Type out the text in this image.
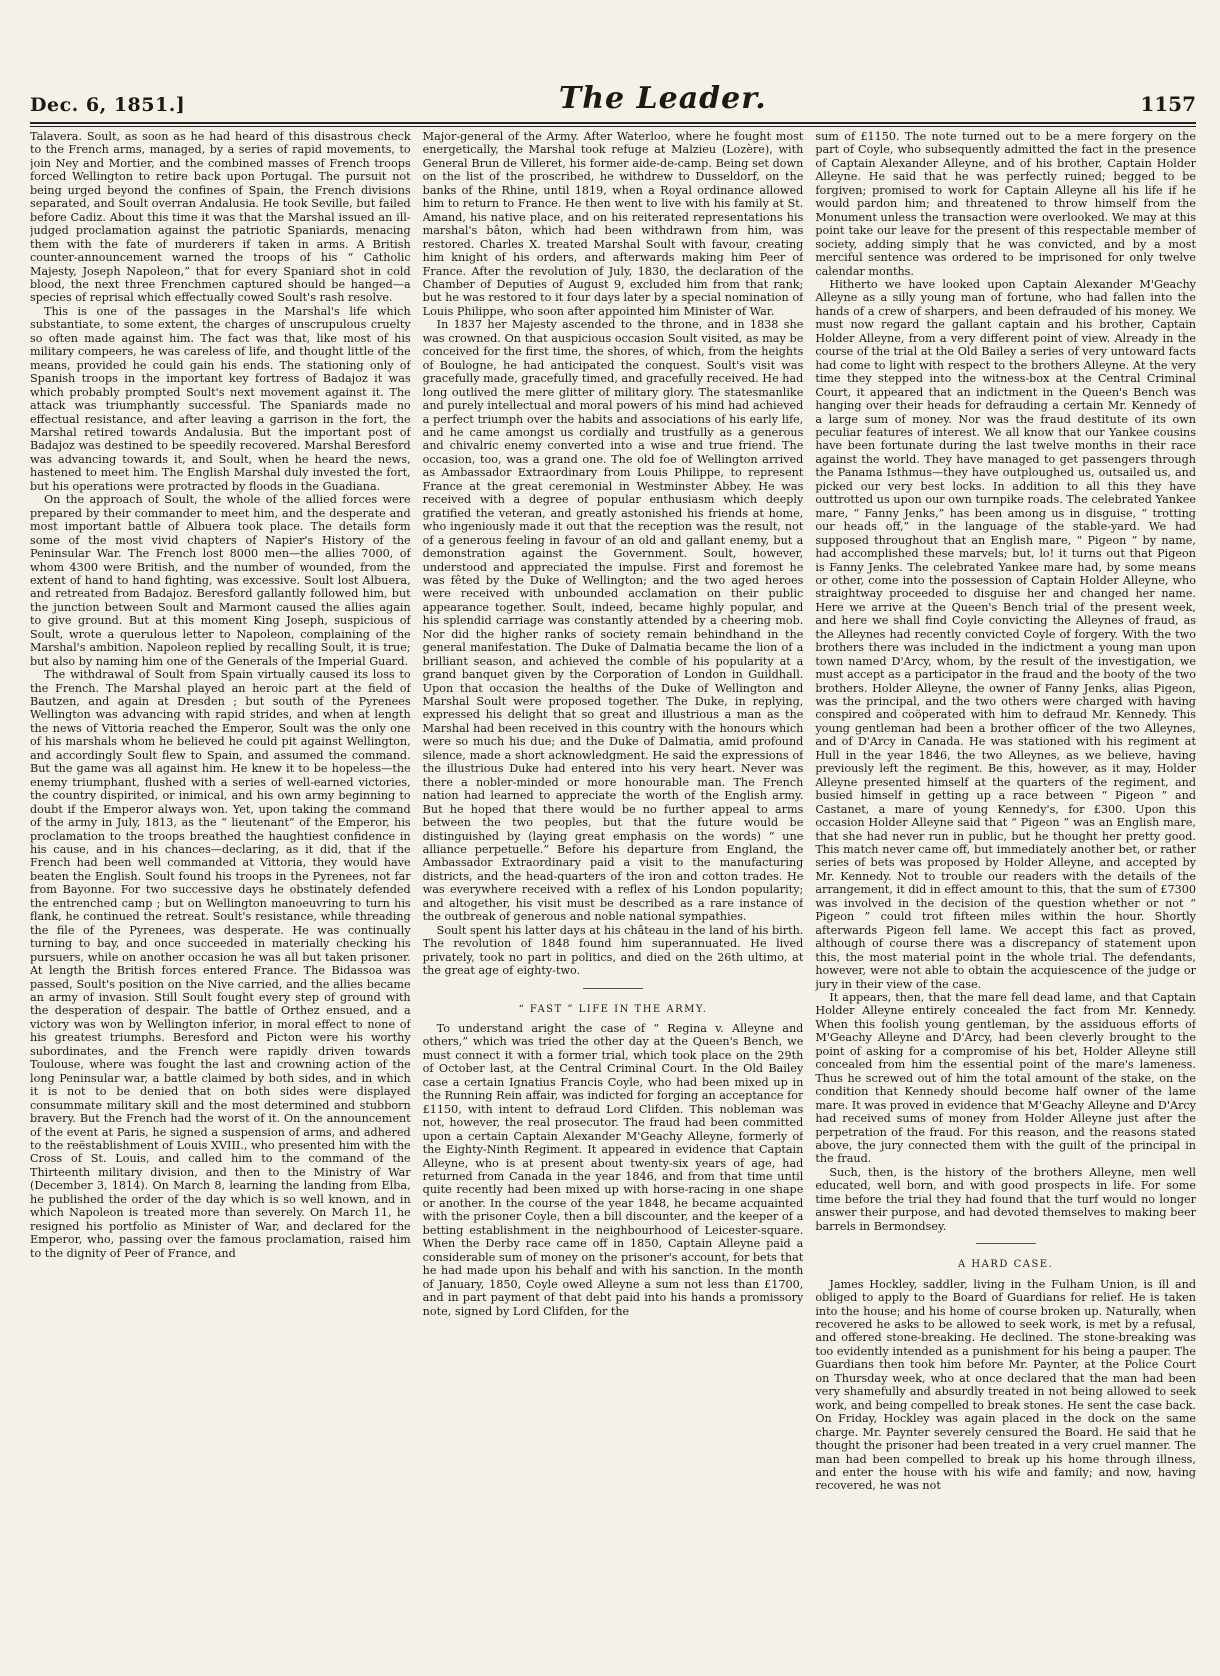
Dec. 6, 1851.]	The Leader.	1157

Talavera. Soult, as soon as he had heard of this disastrous check to the French arms, managed, by a series of rapid movements, to join Ney and Mortier, and the combined masses of French troops forced Wellington to retire back upon Portugal. The pursuit not being urged beyond the confines of Spain, the French divisions separated, and Soult overran Andalusia. He took Seville, but failed before Cadiz. About this time it was that the Marshal issued an ill-judged proclamation against the patriotic Spaniards, menacing them with the fate of murderers if taken in arms. A British counter-announcement warned the troops of his “ Catholic Majesty, Joseph Napoleon,” that for every Spaniard shot in cold blood, the next three Frenchmen captured should be hanged—a species of reprisal which effectually cowed Soult's rash resolve.

This is one of the passages in the Marshal's life which substantiate, to some extent, the charges of unscrupulous cruelty so often made against him. The fact was that, like most of his military compeers, he was careless of life, and thought little of the means, provided he could gain his ends. The stationing only of Spanish troops in the important key fortress of Badajoz it was which probably prompted Soult's next movement against it. The attack was triumphantly successful. The Spaniards made no effectual resistance, and after leaving a garrison in the fort, the Marshal retired towards Andalusia. But the important post of Badajoz was destined to be speedily recovered. Marshal Beresford was advancing towards it, and Soult, when he heard the news, hastened to meet him. The English Marshal duly invested the fort, but his operations were protracted by floods in the Guadiana.

On the approach of Soult, the whole of the allied forces were prepared by their commander to meet him, and the desperate and most important battle of Albuera took place. The details form some of the most vivid chapters of Napier's History of the Peninsular War. The French lost 8000 men—the allies 7000, of whom 4300 were British, and the number of wounded, from the extent of hand to hand fighting, was excessive. Soult lost Albuera, and retreated from Badajoz. Beresford gallantly followed him, but the junction between Soult and Marmont caused the allies again to give ground. But at this moment King Joseph, suspicious of Soult, wrote a querulous letter to Napoleon, complaining of the Marshal's ambition. Napoleon replied by recalling Soult, it is true; but also by naming him one of the Generals of the Imperial Guard.

The withdrawal of Soult from Spain virtually caused its loss to the French. The Marshal played an heroic part at the field of Bautzen, and again at Dresden ; but south of the Pyrenees Wellington was advancing with rapid strides, and when at length the news of Vittoria reached the Emperor, Soult was the only one of his marshals whom he believed he could pit against Wellington, and accordingly Soult flew to Spain, and assumed the command. But the game was all against him. He knew it to be hopeless—the enemy triumphant, flushed with a series of well-earned victories, the country dispirited, or inimical, and his own army beginning to doubt if the Emperor always won. Yet, upon taking the command of the army in July, 1813, as the “ lieutenant” of the Emperor, his proclamation to the troops breathed the haughtiest confidence in his cause, and in his chances—declaring, as it did, that if the French had been well commanded at Vittoria, they would have beaten the English. Soult found his troops in the Pyrenees, not far from Bayonne. For two successive days he obstinately defended the entrenched camp ; but on Wellington manoeuvring to turn his flank, he continued the retreat. Soult's resistance, while threading the file of the Pyrenees, was desperate. He was continually turning to bay, and once succeeded in materially checking his pursuers, while on another occasion he was all but taken prisoner. At length the British forces entered France. The Bidassoa was passed, Soult's position on the Nive carried, and the allies became an army of invasion. Still Soult fought every step of ground with the desperation of despair. The battle of Orthez ensued, and a victory was won by Wellington inferior, in moral effect to none of his greatest triumphs. Beresford and Picton were his worthy subordinates, and the French were rapidly driven towards Toulouse, where was fought the last and crowning action of the long Peninsular war, a battle claimed by both sides, and in which it is not to be denied that on both sides were displayed consummate military skill and the most determined and stubborn bravery. But the French had the worst of it. On the announcement of the event at Paris, he signed a suspension of arms, and adhered to the reëstablishment of Louis XVIII., who presented him with the Cross of St. Louis, and called him to the command of the Thirteenth military division, and then to the Ministry of War (December 3, 1814). On March 8, learning the landing from Elba, he published the order of the day which is so well known, and in which Napoleon is treated more than severely. On March 11, he resigned his portfolio as Minister of War, and declared for the Emperor, who, passing over the famous proclamation, raised him to the dignity of Peer of France, and

Major-general of the Army. After Waterloo, where he fought most energetically, the Marshal took refuge at Malzieu (Lozère), with General Brun de Villeret, his former aide-de-camp. Being set down on the list of the proscribed, he withdrew to Dusseldorf, on the banks of the Rhine, until 1819, when a Royal ordinance allowed him to return to France. He then went to live with his family at St. Amand, his native place, and on his reiterated representations his marshal's bâton, which had been withdrawn from him, was restored. Charles X. treated Marshal Soult with favour, creating him knight of his orders, and afterwards making him Peer of France. After the revolution of July, 1830, the declaration of the Chamber of Deputies of August 9, excluded him from that rank; but he was restored to it four days later by a special nomination of Louis Philippe, who soon after appointed him Minister of War.

In 1837 her Majesty ascended to the throne, and in 1838 she was crowned. On that auspicious occasion Soult visited, as may be conceived for the first time, the shores, of which, from the heights of Boulogne, he had anticipated the conquest. Soult's visit was gracefully made, gracefully timed, and gracefully received. He had long outlived the mere glitter of military glory. The statesmanlike and purely intellectual and moral powers of his mind had achieved a perfect triumph over the habits and associations of his early life, and he came amongst us cordially and trustfully as a generous and chivalric enemy converted into a wise and true friend. The occasion, too, was a grand one. The old foe of Wellington arrived as Ambassador Extraordinary from Louis Philippe, to represent France at the great ceremonial in Westminster Abbey. He was received with a degree of popular enthusiasm which deeply gratified the veteran, and greatly astonished his friends at home, who ingeniously made it out that the reception was the result, not of a generous feeling in favour of an old and gallant enemy, but a demonstration against the Government. Soult, however, understood and appreciated the impulse. First and foremost he was fêted by the Duke of Wellington; and the two aged heroes were received with unbounded acclamation on their public appearance together. Soult, indeed, became highly popular, and his splendid carriage was constantly attended by a cheering mob. Nor did the higher ranks of society remain behindhand in the general manifestation. The Duke of Dalmatia became the lion of a brilliant season, and achieved the comble of his popularity at a grand banquet given by the Corporation of London in Guildhall. Upon that occasion the healths of the Duke of Wellington and Marshal Soult were proposed together. The Duke, in replying, expressed his delight that so great and illustrious a man as the Marshal had been received in this country with the honours which were so much his due; and the Duke of Dalmatia, amid profound silence, made a short acknowledgment. He said the expressions of the illustrious Duke had entered into his very heart. Never was there a nobler-minded or more honourable man. The French nation had learned to appreciate the worth of the English army. But he hoped that there would be no further appeal to arms between the two peoples, but that the future would be distinguished by (laying great emphasis on the words) “ une alliance perpetuelle.” Before his departure from England, the Ambassador Extraordinary paid a visit to the manufacturing districts, and the head-quarters of the iron and cotton trades. He was everywhere received with a reflex of his London popularity; and altogether, his visit must be described as a rare instance of the outbreak of generous and noble national sympathies.

Soult spent his latter days at his château in the land of his birth. The revolution of 1848 found him superannuated. He lived privately, took no part in politics, and died on the 26th ultimo, at the great age of eighty-two.

“ FAST ” LIFE IN THE ARMY.

To understand aright the case of “ Regina v. Alleyne and others,” which was tried the other day at the Queen's Bench, we must connect it with a former trial, which took place on the 29th of October last, at the Central Criminal Court. In the Old Bailey case a certain Ignatius Francis Coyle, who had been mixed up in the Running Rein affair, was indicted for forging an acceptance for £1150, with intent to defraud Lord Clifden. This nobleman was not, however, the real prosecutor. The fraud had been committed upon a certain Captain Alexander M'Geachy Alleyne, formerly of the Eighty-Ninth Regiment. It appeared in evidence that Captain Alleyne, who is at present about twenty-six years of age, had returned from Canada in the year 1846, and from that time until quite recently had been mixed up with horse-racing in one shape or another. In the course of the year 1848, he became acquainted with the prisoner Coyle, then a bill discounter, and the keeper of a betting establishment in the neighbourhood of Leicester-square. When the Derby race came off in 1850, Captain Alleyne paid a considerable sum of money on the prisoner's account, for bets that he had made upon his behalf and with his sanction. In the month of January, 1850, Coyle owed Alleyne a sum not less than £1700, and in part payment of that debt paid into his hands a promissory note, signed by Lord Clifden, for the

sum of £1150. The note turned out to be a mere forgery on the part of Coyle, who subsequently admitted the fact in the presence of Captain Alexander Alleyne, and of his brother, Captain Holder Alleyne. He said that he was perfectly ruined; begged to be forgiven; promised to work for Captain Alleyne all his life if he would pardon him; and threatened to throw himself from the Monument unless the transaction were overlooked. We may at this point take our leave for the present of this respectable member of society, adding simply that he was convicted, and by a most merciful sentence was ordered to be imprisoned for only twelve calendar months.

Hitherto we have looked upon Captain Alexander M'Geachy Alleyne as a silly young man of fortune, who had fallen into the hands of a crew of sharpers, and been defrauded of his money. We must now regard the gallant captain and his brother, Captain Holder Alleyne, from a very different point of view. Already in the course of the trial at the Old Bailey a series of very untoward facts had come to light with respect to the brothers Alleyne. At the very time they stepped into the witness-box at the Central Criminal Court, it appeared that an indictment in the Queen's Bench was hanging over their heads for defrauding a certain Mr. Kennedy of a large sum of money. Nor was the fraud destitute of its own peculiar features of interest. We all know that our Yankee cousins have been fortunate during the last twelve months in their race against the world. They have managed to get passengers through the Panama Isthmus—they have outploughed us, outsailed us, and picked our very best locks. In addition to all this they have outtrotted us upon our own turnpike roads. The celebrated Yankee mare, “ Fanny Jenks,” has been among us in disguise, “ trotting our heads off,” in the language of the stable-yard. We had supposed throughout that an English mare, “ Pigeon ” by name, had accomplished these marvels; but, lo! it turns out that Pigeon is Fanny Jenks. The celebrated Yankee mare had, by some means or other, come into the possession of Captain Holder Alleyne, who straightway proceeded to disguise her and changed her name. Here we arrive at the Queen's Bench trial of the present week, and here we shall find Coyle convicting the Alleynes of fraud, as the Alleynes had recently convicted Coyle of forgery. With the two brothers there was included in the indictment a young man upon town named D'Arcy, whom, by the result of the investigation, we must accept as a participator in the fraud and the booty of the two brothers. Holder Alleyne, the owner of Fanny Jenks, alias Pigeon, was the principal, and the two others were charged with having conspired and coöperated with him to defraud Mr. Kennedy. This young gentleman had been a brother officer of the two Alleynes, and of D'Arcy in Canada. He was stationed with his regiment at Hull in the year 1846, the two Alleynes, as we believe, having previously left the regiment. Be this, however, as it may, Holder Alleyne presented himself at the quarters of the regiment, and busied himself in getting up a race between “ Pigeon ” and Castanet, a mare of young Kennedy's, for £300. Upon this occasion Holder Alleyne said that “ Pigeon ” was an English mare, that she had never run in public, but he thought her pretty good. This match never came off, but immediately another bet, or rather series of bets was proposed by Holder Alleyne, and accepted by Mr. Kennedy. Not to trouble our readers with the details of the arrangement, it did in effect amount to this, that the sum of £7300 was involved in the decision of the question whether or not “ Pigeon ” could trot fifteen miles within the hour. Shortly afterwards Pigeon fell lame. We accept this fact as proved, although of course there was a discrepancy of statement upon this, the most material point in the whole trial. The defendants, however, were not able to obtain the acquiescence of the judge or jury in their view of the case.

It appears, then, that the mare fell dead lame, and that Captain Holder Alleyne entirely concealed the fact from Mr. Kennedy. When this foolish young gentleman, by the assiduous efforts of M'Geachy Alleyne and D'Arcy, had been cleverly brought to the point of asking for a compromise of his bet, Holder Alleyne still concealed from him the essential point of the mare's lameness. Thus he screwed out of him the total amount of the stake, on the condition that Kennedy should become half owner of the lame mare. It was proved in evidence that M'Geachy Alleyne and D'Arcy had received sums of money from Holder Alleyne just after the perpetration of the fraud. For this reason, and the reasons stated above, the jury connected them with the guilt of the principal in the fraud.

Such, then, is the history of the brothers Alleyne, men well educated, well born, and with good prospects in life. For some time before the trial they had found that the turf would no longer answer their purpose, and had devoted themselves to making beer barrels in Bermondsey.

A HARD CASE.

James Hockley, saddler, living in the Fulham Union, is ill and obliged to apply to the Board of Guardians for relief. He is taken into the house; and his home of course broken up. Naturally, when recovered he asks to be allowed to seek work, is met by a refusal, and offered stone-breaking. He declined. The stone-breaking was too evidently intended as a punishment for his being a pauper. The Guardians then took him before Mr. Paynter, at the Police Court on Thursday week, who at once declared that the man had been very shamefully and absurdly treated in not being allowed to seek work, and being compelled to break stones. He sent the case back. On Friday, Hockley was again placed in the dock on the same charge. Mr. Paynter severely censured the Board. He said that he thought the prisoner had been treated in a very cruel manner. The man had been compelled to break up his home through illness, and enter the house with his wife and family; and now, having recovered, he was not
